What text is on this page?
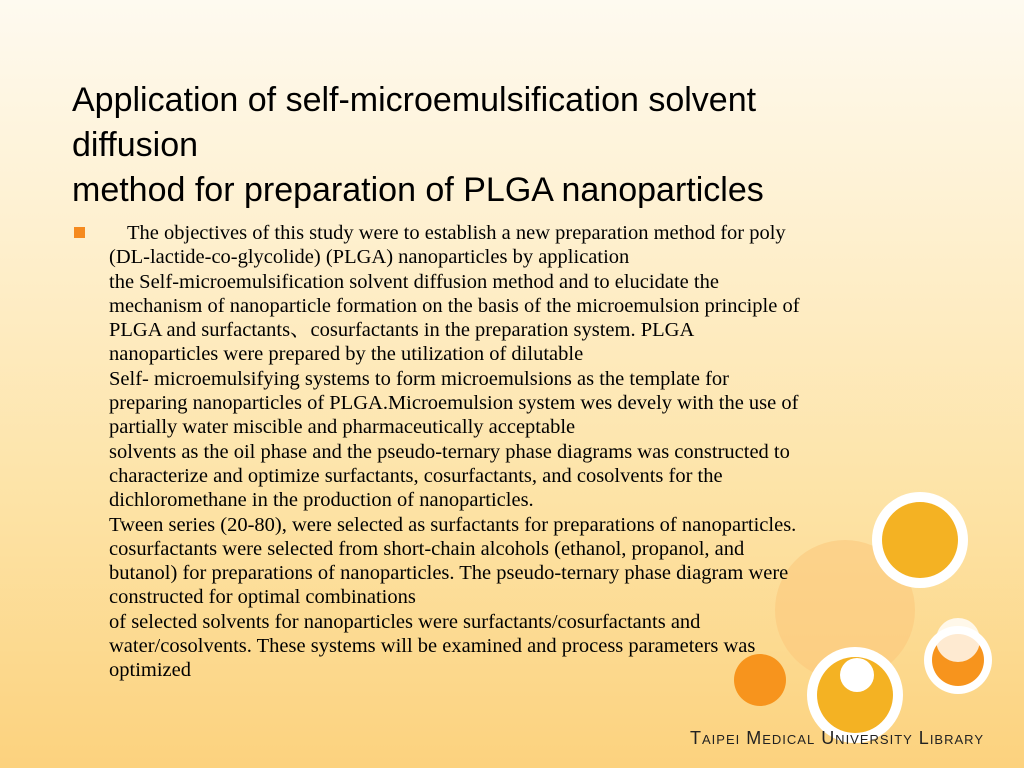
Application of self-microemulsification solvent
diffusion
method for preparation of PLGA nanoparticles
The objectives of this study were to establish a new preparation method for poly
(DL-lactide-co-glycolide) (PLGA) nanoparticles by application
the Self-microemulsification solvent diffusion method and to elucidate the
mechanism of nanoparticle formation on the basis of the microemulsion principle of
PLGA and surfactants、cosurfactants in the preparation system. PLGA
nanoparticles were prepared by the utilization of dilutable
Self- microemulsifying systems to form microemulsions as the template for
preparing nanoparticles of PLGA.Microemulsion system wes devely with the use of
partially water miscible and pharmaceutically acceptable
solvents as the oil phase and the pseudo-ternary phase diagrams was constructed to
characterize and optimize surfactants, cosurfactants, and cosolvents for the
dichloromethane in the production of nanoparticles.
Tween series (20-80), were selected as surfactants for preparations of nanoparticles.
cosurfactants were selected from short-chain alcohols (ethanol, propanol, and
butanol) for preparations of nanoparticles. The pseudo-ternary phase diagram were
constructed for optimal combinations
of selected solvents for nanoparticles were surfactants/cosurfactants and
water/cosolvents. These systems will be examined and process parameters was
optimized
Taipei Medical University Library
